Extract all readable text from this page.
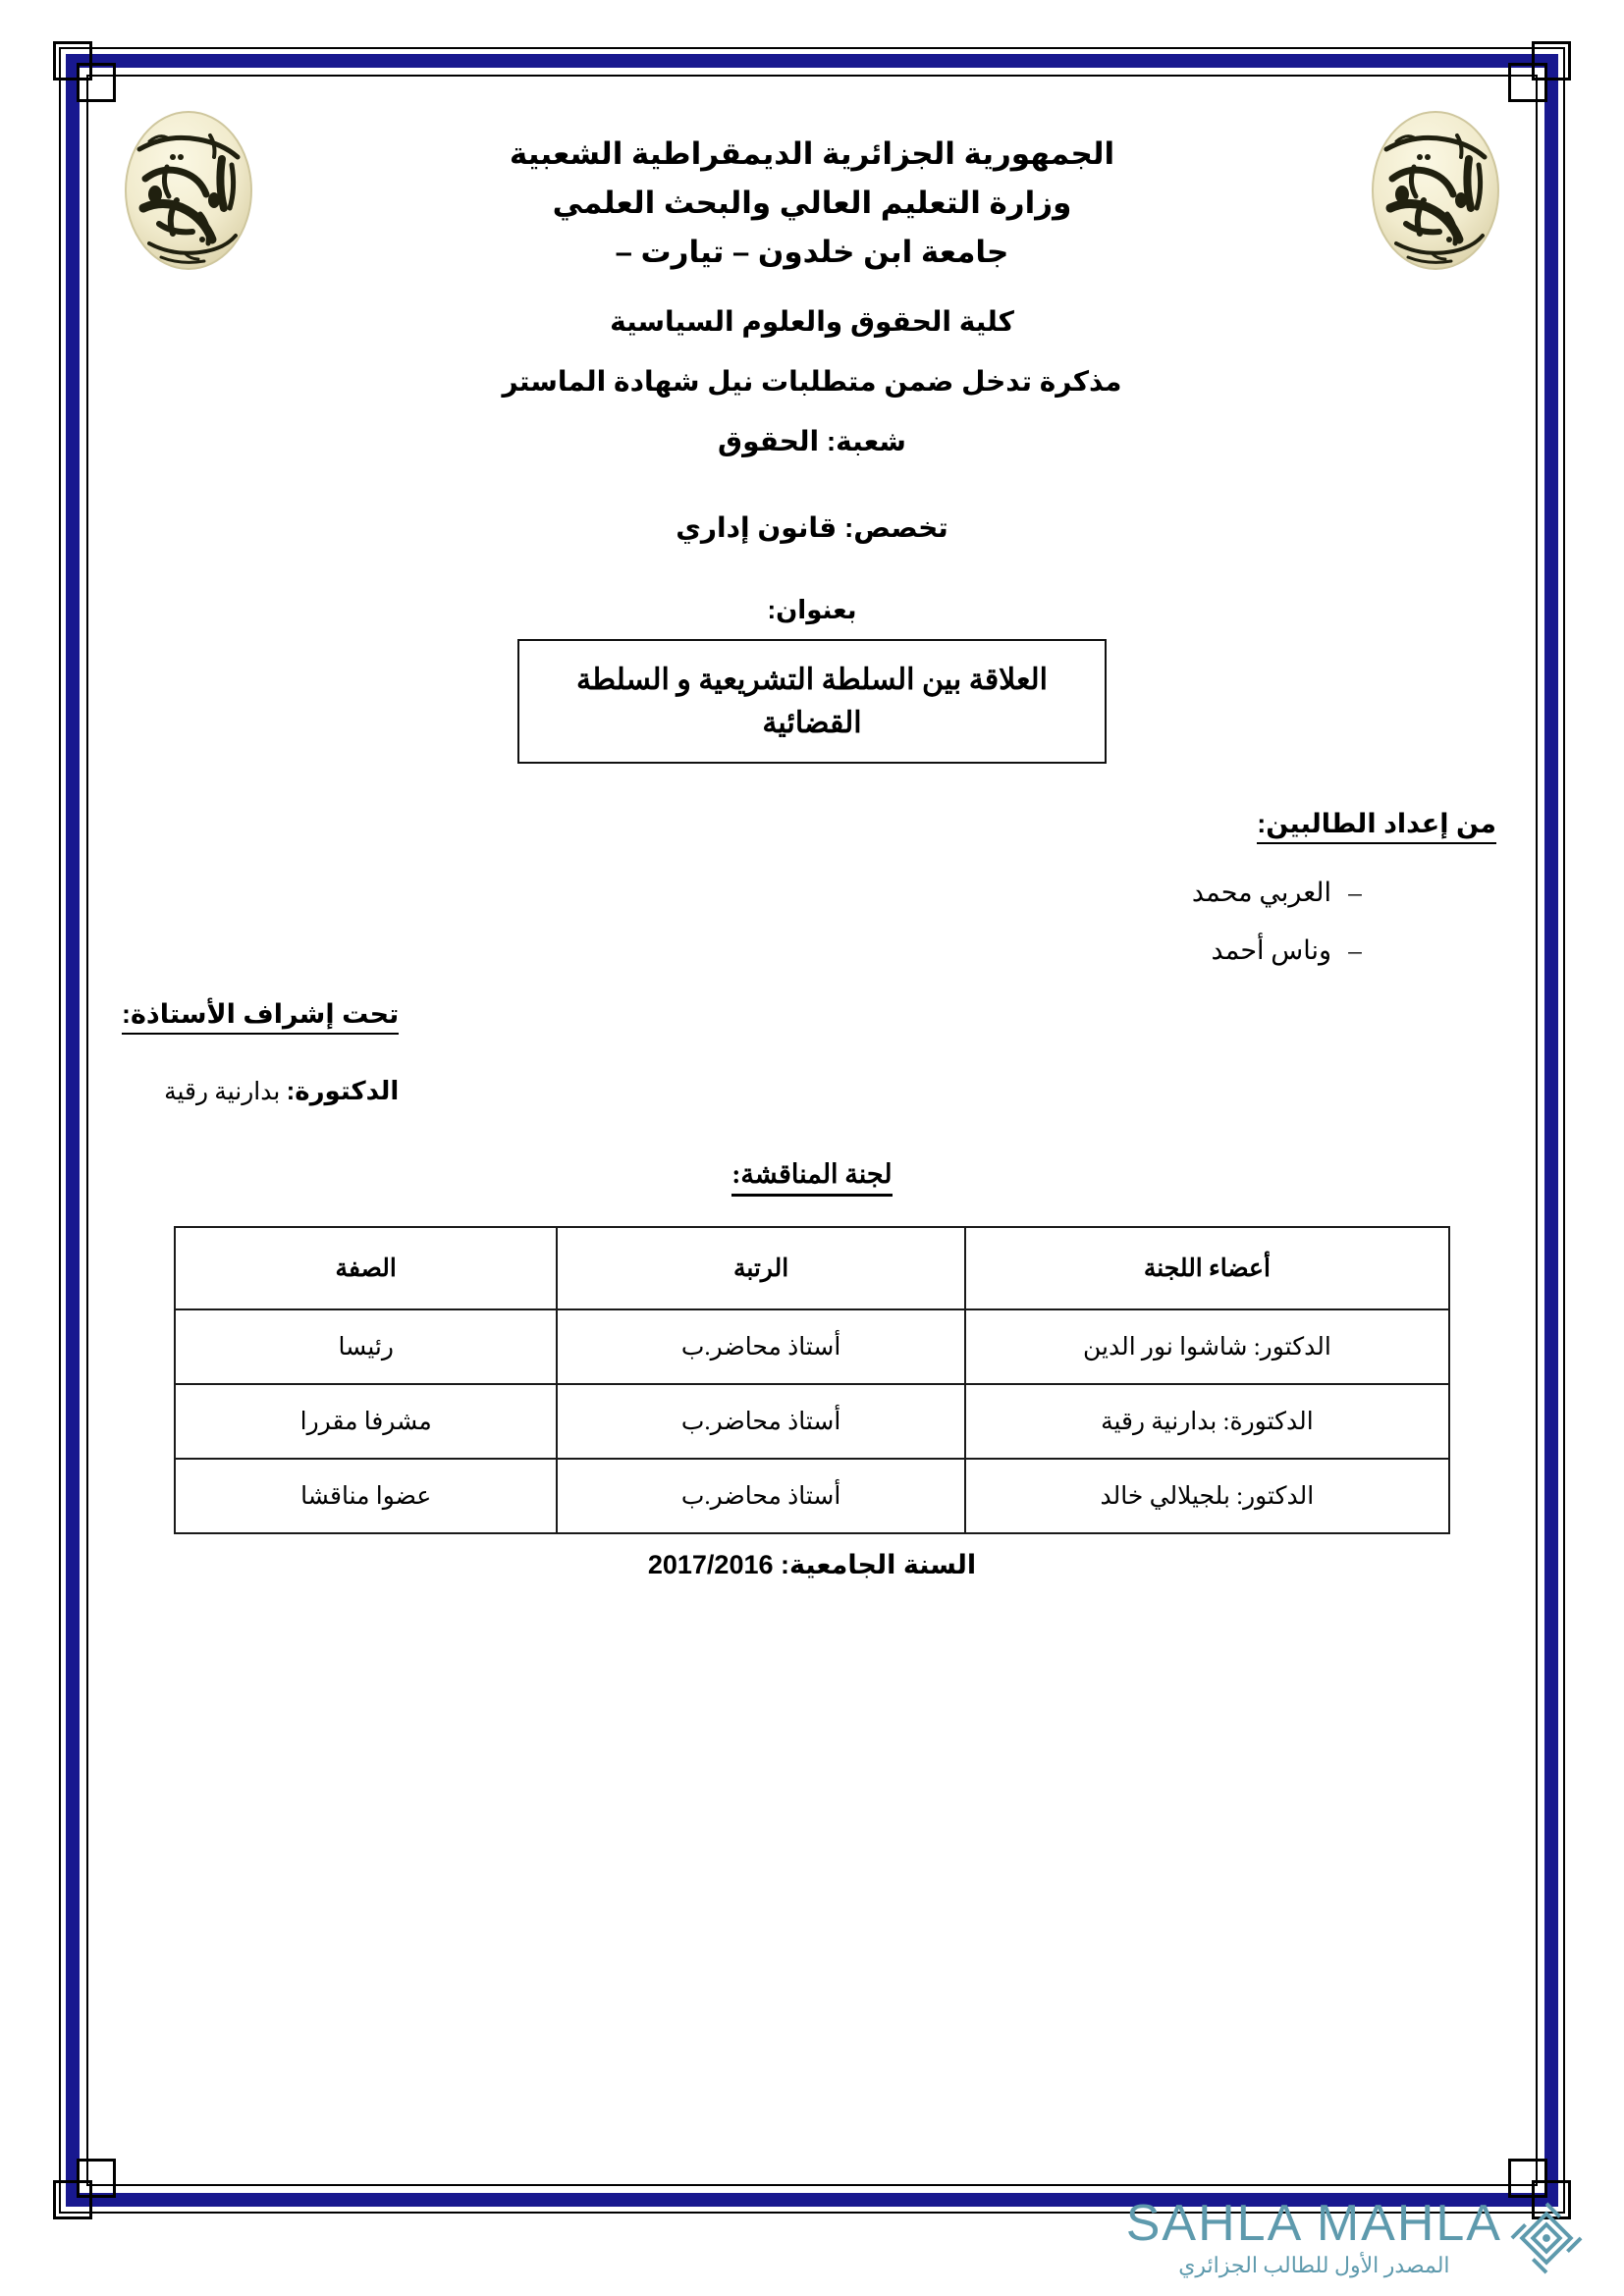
الجمهورية الجزائرية الديمقراطية الشعبية
وزارة التعليم العالي والبحث العلمي
جامعة ابن خلدون – تيارت –
كلية الحقوق والعلوم السياسية
مذكرة تدخل ضمن متطلبات نيل شهادة الماستر
شعبة: الحقوق
تخصص: قانون إداري
بعنوان:
العلاقة بين السلطة التشريعية و السلطة القضائية
من إعداد الطالبين:
–العربي محمد
–وناس أحمد
تحت إشراف الأستاذة:
الدكتورة: بدارنية رقية
لجنة المناقشة:
أعضاء اللجنة	الرتبة	الصفة
الدكتور: شاشوا نور الدين	أستاذ محاضر.ب	رئيسا
الدكتورة: بدارنية رقية	أستاذ محاضر.ب	مشرفا مقررا
الدكتور: بلجيلالي خالد	أستاذ محاضر.ب	عضوا مناقشا
السنة الجامعية: 2017/2016
SAHLA MAHLA
المصدر الأول للطالب الجزائري
